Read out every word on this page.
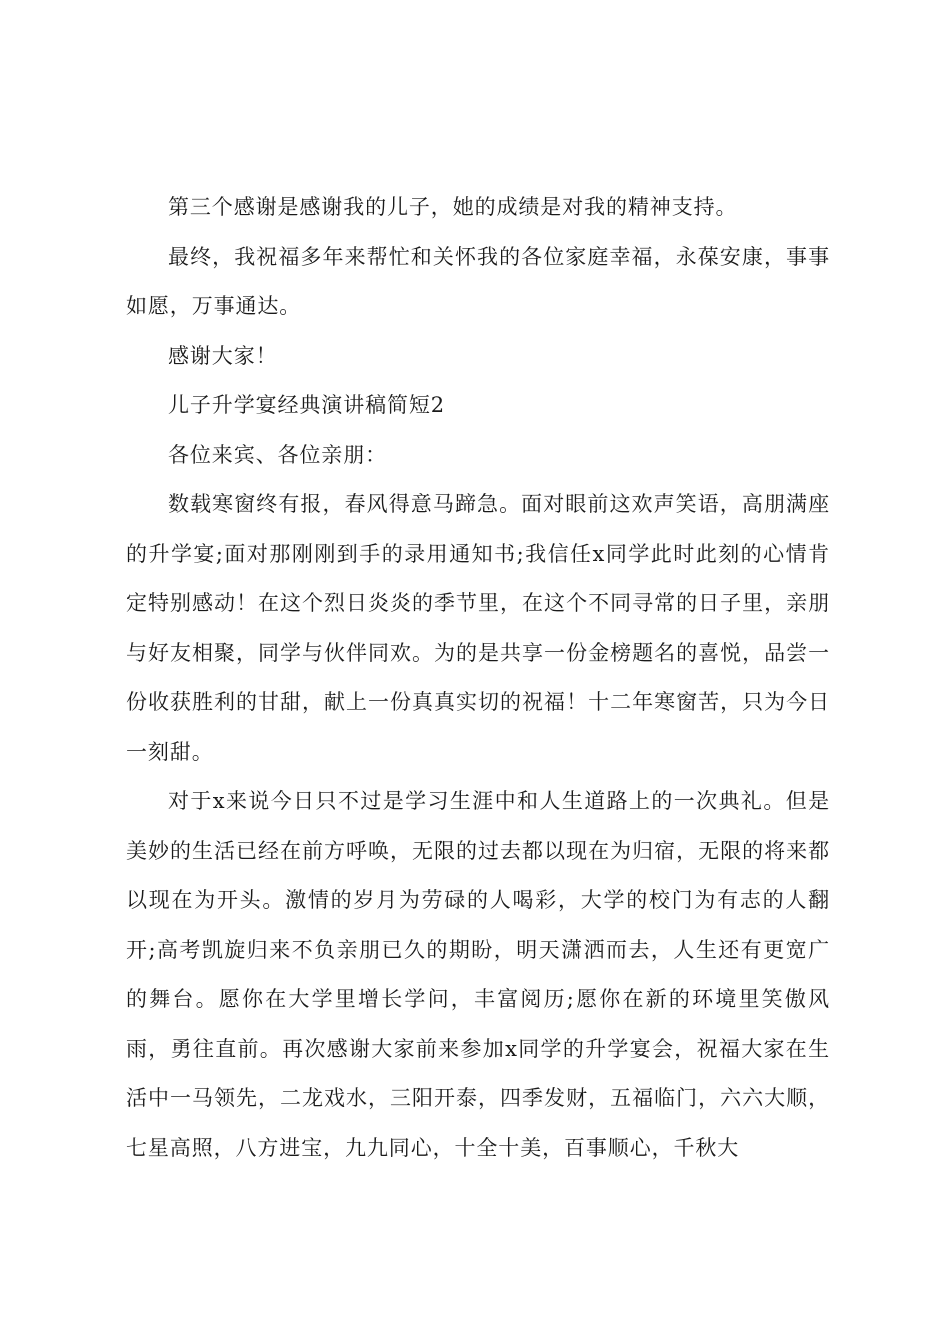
第三个感谢是感谢我的儿子，她的成绩是对我的精神支持。

最终，我祝福多年来帮忙和关怀我的各位家庭幸福，永葆安康，事事如愿，万事通达。

感谢大家！

儿子升学宴经典演讲稿简短2

各位来宾、各位亲朋：

数载寒窗终有报，春风得意马蹄急。面对眼前这欢声笑语，高朋满座的升学宴;面对那刚刚到手的录用通知书;我信任x同学此时此刻的心情肯定特别感动！在这个烈日炎炎的季节里，在这个不同寻常的日子里，亲朋与好友相聚，同学与伙伴同欢。为的是共享一份金榜题名的喜悦，品尝一份收获胜利的甘甜，献上一份真真实切的祝福！十二年寒窗苦，只为今日一刻甜。

对于x来说今日只不过是学习生涯中和人生道路上的一次典礼。但是美妙的生活已经在前方呼唤，无限的过去都以现在为归宿，无限的将来都以现在为开头。激情的岁月为劳碌的人喝彩，大学的校门为有志的人翻开;高考凯旋归来不负亲朋已久的期盼，明天潇洒而去，人生还有更宽广的舞台。愿你在大学里增长学问，丰富阅历;愿你在新的环境里笑傲风雨，勇往直前。再次感谢大家前来参加x同学的升学宴会，祝福大家在生活中一马领先，二龙戏水，三阳开泰，四季发财，五福临门，六六大顺，七星高照，八方进宝，九九同心，十全十美，百事顺心，千秋大
